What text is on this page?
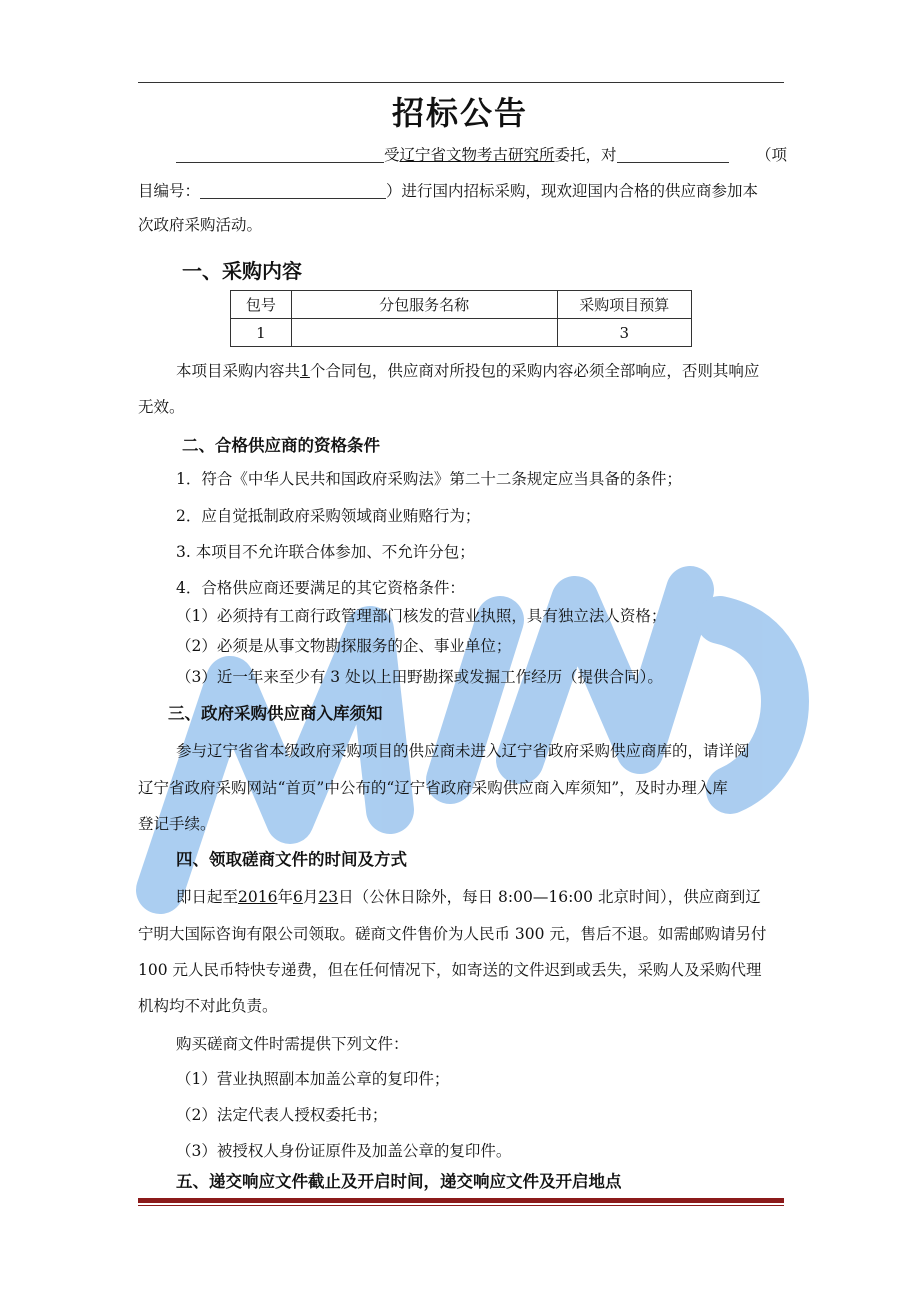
招标公告
受辽宁省文物考古研究所委托，对	（项
目编号：	）进行国内招标采购，现欢迎国内合格的供应商参加本
次政府采购活动。
一、采购内容
包号	分包服务名称	采购项目预算
1		3
本项目采购内容共1个合同包，供应商对所投包的采购内容必须全部响应，否则其响应
无效。
二、合格供应商的资格条件
1．符合《中华人民共和国政府采购法》第二十二条规定应当具备的条件；
2．应自觉抵制政府采购领域商业贿赂行为；
3. 本项目不允许联合体参加、不允许分包；
4．合格供应商还要满足的其它资格条件：
（1）必须持有工商行政管理部门核发的营业执照，具有独立法人资格；
（2）必须是从事文物勘探服务的企、事业单位；
（3）近一年来至少有 3 处以上田野勘探或发掘工作经历（提供合同）。
三、政府采购供应商入库须知
参与辽宁省省本级政府采购项目的供应商未进入辽宁省政府采购供应商库的，请详阅
辽宁省政府采购网站“首页”中公布的“辽宁省政府采购供应商入库须知”，及时办理入库
登记手续。
四、领取磋商文件的时间及方式
即日起至2016年6月23日（公休日除外，每日 8:00—16:00 北京时间），供应商到辽
宁明大国际咨询有限公司领取。磋商文件售价为人民币 300 元，售后不退。如需邮购请另付
100 元人民币特快专递费，但在任何情况下，如寄送的文件迟到或丢失，采购人及采购代理
机构均不对此负责。
购买磋商文件时需提供下列文件：
（1）营业执照副本加盖公章的复印件；
（2）法定代表人授权委托书；
（3）被授权人身份证原件及加盖公章的复印件。
五、递交响应文件截止及开启时间，递交响应文件及开启地点
